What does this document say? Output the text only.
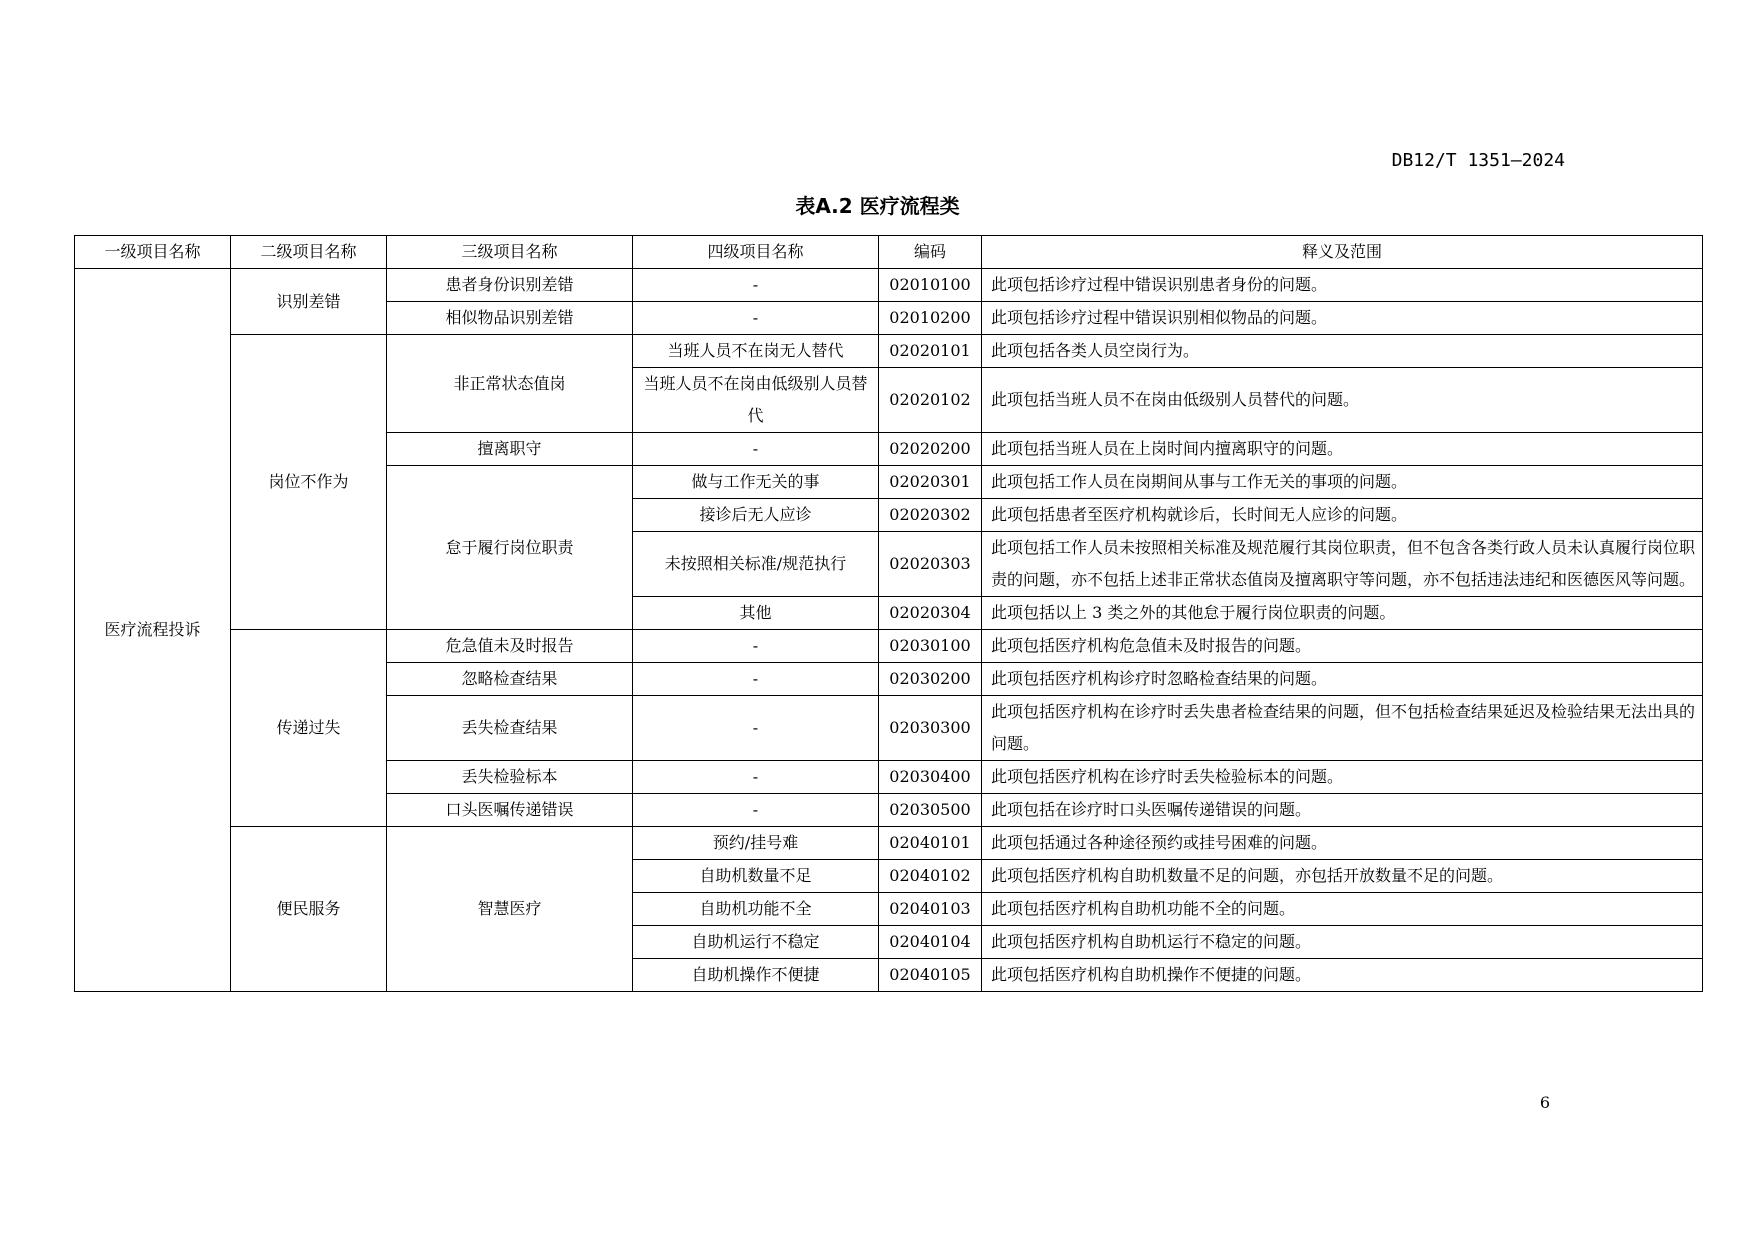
DB12/T 1351—2024
表A.2 医疗流程类
一级项目名称	二级项目名称	三级项目名称	四级项目名称	编码	释义及范围
医疗流程投诉	识别差错	患者身份识别差错	-	02010100	此项包括诊疗过程中错误识别患者身份的问题。
		相似物品识别差错	-	02010200	此项包括诊疗过程中错误识别相似物品的问题。
	岗位不作为	非正常状态值岗	当班人员不在岗无人替代	02020101	此项包括各类人员空岗行为。
			当班人员不在岗由低级别人员替代	02020102	此项包括当班人员不在岗由低级别人员替代的问题。
		擅离职守	-	02020200	此项包括当班人员在上岗时间内擅离职守的问题。
		怠于履行岗位职责	做与工作无关的事	02020301	此项包括工作人员在岗期间从事与工作无关的事项的问题。
			接诊后无人应诊	02020302	此项包括患者至医疗机构就诊后，长时间无人应诊的问题。
			未按照相关标准/规范执行	02020303	此项包括工作人员未按照相关标准及规范履行其岗位职责，但不包含各类行政人员未认真履行岗位职责的问题，亦不包括上述非正常状态值岗及擅离职守等问题，亦不包括违法违纪和医德医风等问题。
			其他	02020304	此项包括以上 3 类之外的其他怠于履行岗位职责的问题。
	传递过失	危急值未及时报告	-	02030100	此项包括医疗机构危急值未及时报告的问题。
		忽略检查结果	-	02030200	此项包括医疗机构诊疗时忽略检查结果的问题。
		丢失检查结果	-	02030300	此项包括医疗机构在诊疗时丢失患者检查结果的问题，但不包括检查结果延迟及检验结果无法出具的问题。
		丢失检验标本	-	02030400	此项包括医疗机构在诊疗时丢失检验标本的问题。
		口头医嘱传递错误	-	02030500	此项包括在诊疗时口头医嘱传递错误的问题。
	便民服务	智慧医疗	预约/挂号难	02040101	此项包括通过各种途径预约或挂号困难的问题。
			自助机数量不足	02040102	此项包括医疗机构自助机数量不足的问题，亦包括开放数量不足的问题。
			自助机功能不全	02040103	此项包括医疗机构自助机功能不全的问题。
			自助机运行不稳定	02040104	此项包括医疗机构自助机运行不稳定的问题。
			自助机操作不便捷	02040105	此项包括医疗机构自助机操作不便捷的问题。
6
